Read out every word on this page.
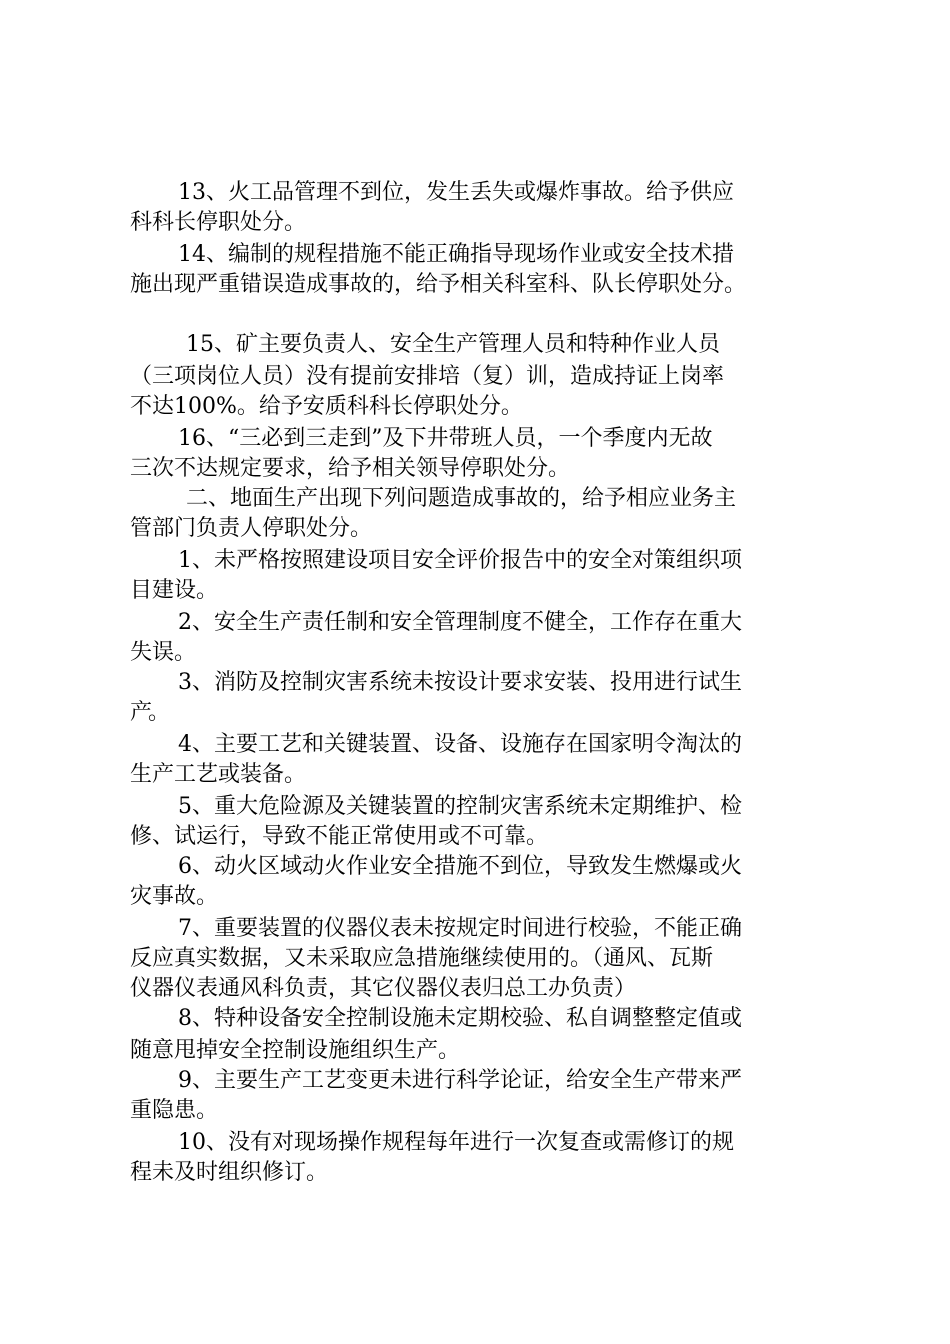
13、火工品管理不到位，发生丢失或爆炸事故。给予供应
科科长停职处分。
14、编制的规程措施不能正确指导现场作业或安全技术措
施出现严重错误造成事故的，给予相关科室科、队长停职处分。
15、矿主要负责人、安全生产管理人员和特种作业人员
（三项岗位人员）没有提前安排培（复）训，造成持证上岗率
不达100%。给予安质科科长停职处分。
16、“三必到三走到”及下井带班人员，一个季度内无故
三次不达规定要求，给予相关领导停职处分。
二、地面生产出现下列问题造成事故的，给予相应业务主
管部门负责人停职处分。
1、未严格按照建设项目安全评价报告中的安全对策组织项
目建设。
2、安全生产责任制和安全管理制度不健全，工作存在重大
失误。
3、消防及控制灾害系统未按设计要求安装、投用进行试生
产。
4、主要工艺和关键装置、设备、设施存在国家明令淘汰的
生产工艺或装备。
5、重大危险源及关键装置的控制灾害系统未定期维护、检
修、试运行，导致不能正常使用或不可靠。
6、动火区域动火作业安全措施不到位，导致发生燃爆或火
灾事故。
7、重要装置的仪器仪表未按规定时间进行校验，不能正确
反应真实数据，又未采取应急措施继续使用的。（通风、瓦斯
仪器仪表通风科负责，其它仪器仪表归总工办负责）
8、特种设备安全控制设施未定期校验、私自调整整定值或
随意甩掉安全控制设施组织生产。
9、主要生产工艺变更未进行科学论证，给安全生产带来严
重隐患。
10、没有对现场操作规程每年进行一次复查或需修订的规
程未及时组织修订。
